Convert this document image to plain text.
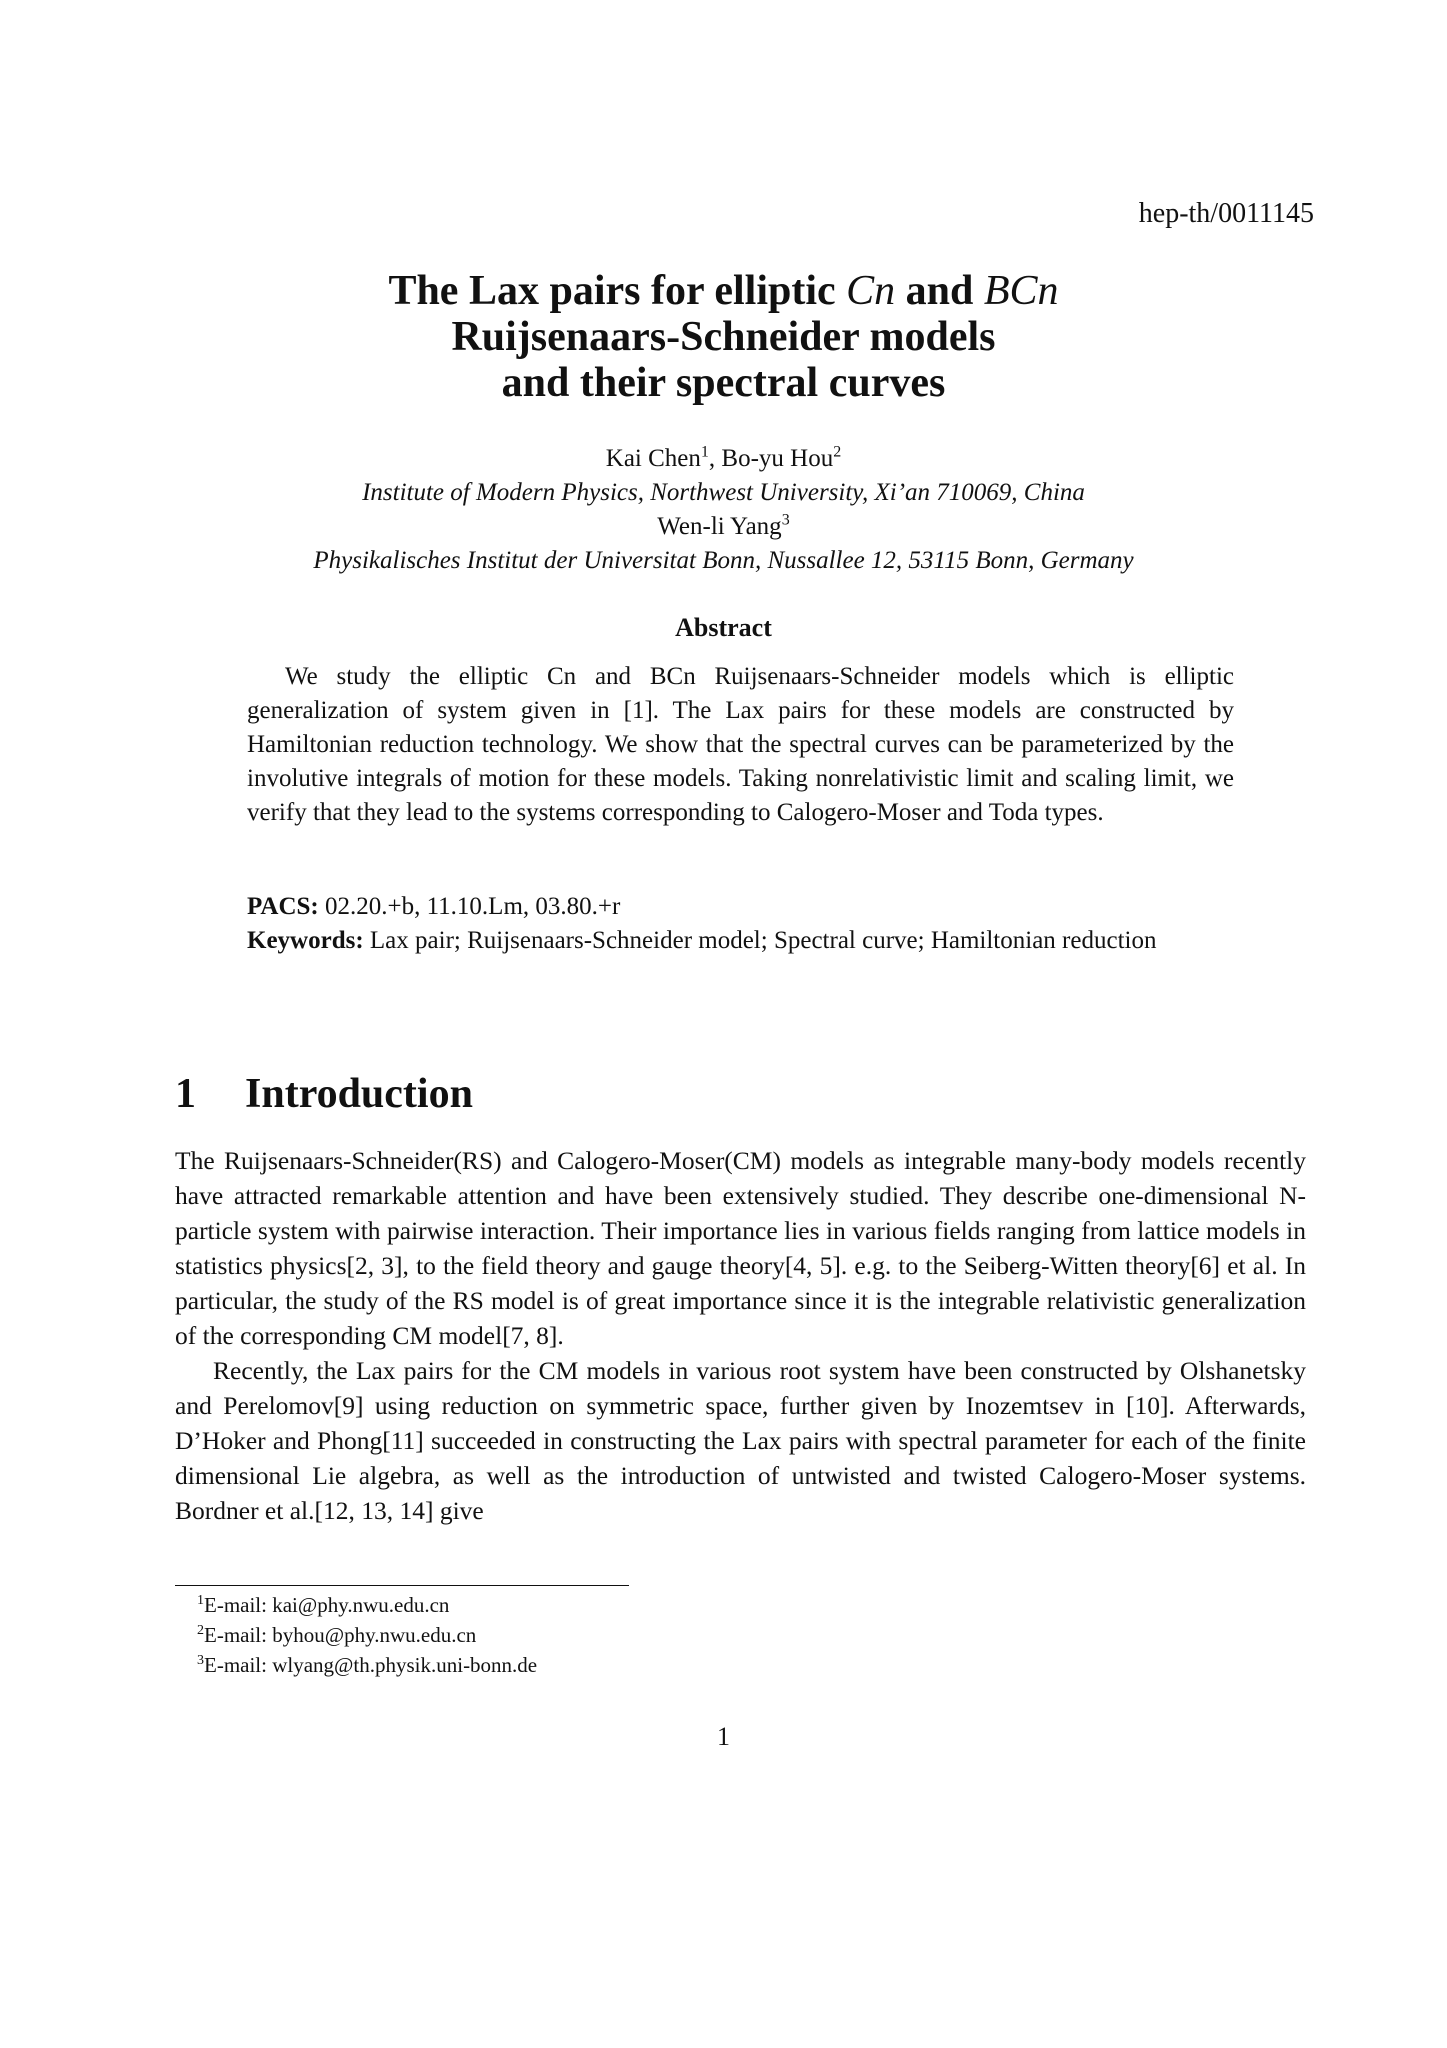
hep-th/0011145
The Lax pairs for elliptic Cn and BCn
Ruijsenaars-Schneider models
and their spectral curves
Kai Chen$^1$, Bo-yu Hou$^2$
Institute of Modern Physics, Northwest University, Xi’an 710069, China
Wen-li Yang$^3$
Physikalisches Institut der Universitat Bonn, Nussallee 12, 53115 Bonn, Germany
Abstract
We study the elliptic Cn and BCn Ruijsenaars-Schneider models which is elliptic generalization of system given in [1]. The Lax pairs for these models are constructed by Hamiltonian reduction technology. We show that the spectral curves can be parameterized by the involutive integrals of motion for these models. Taking nonrelativistic limit and scaling limit, we verify that they lead to the systems corresponding to Calogero-Moser and Toda types.
PACS: 02.20.+b, 11.10.Lm, 03.80.+r
Keywords: Lax pair; Ruijsenaars-Schneider model; Spectral curve; Hamiltonian reduction
1 Introduction

The Ruijsenaars-Schneider(RS) and Calogero-Moser(CM) models as integrable many-body models recently have attracted remarkable attention and have been extensively studied. They describe one-dimensional N-particle system with pairwise interaction. Their importance lies in various fields ranging from lattice models in statistics physics[2, 3], to the field theory and gauge theory[4, 5]. e.g. to the Seiberg-Witten theory[6] et al. In particular, the study of the RS model is of great importance since it is the integrable relativistic generalization of the corresponding CM model[7, 8].

Recently, the Lax pairs for the CM models in various root system have been constructed by Olshanetsky and Perelomov[9] using reduction on symmetric space, further given by Inozemtsev in [10]. Afterwards, D’Hoker and Phong[11] succeeded in constructing the Lax pairs with spectral parameter for each of the finite dimensional Lie algebra, as well as the introduction of untwisted and twisted Calogero-Moser systems. Bordner et al.[12, 13, 14] give

$^1$E-mail: kai@phy.nwu.edu.cn
$^2$E-mail: byhou@phy.nwu.edu.cn
$^3$E-mail: wlyang@th.physik.uni-bonn.de
1
